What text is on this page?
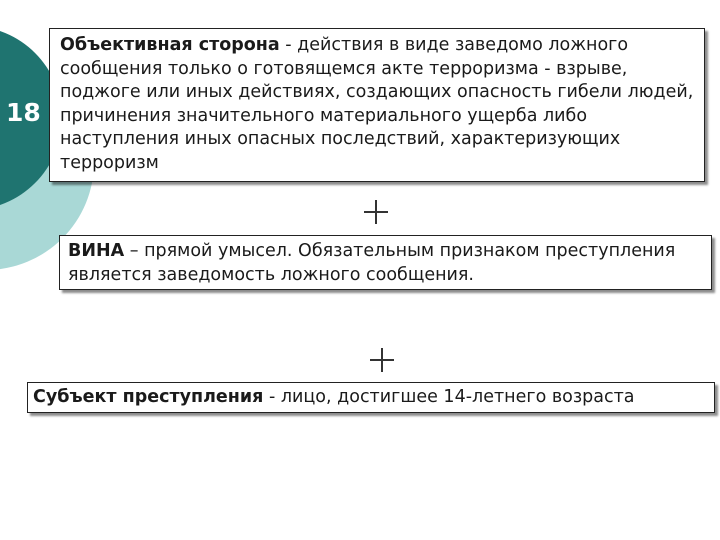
18
Объективная сторона - действия в виде заведомо ложного сообщения только о готовящемся акте терроризма - взрыве, поджоге или иных действиях, создающих опасность гибели людей, причинения значительного материального ущерба либо наступления иных опасных последствий, характеризующих терроризм
ВИНА – прямой умысел. Обязательным признаком преступления является заведомость ложного сообщения.
Субъект преступления - лицо, достигшее 14-летнего возраста
